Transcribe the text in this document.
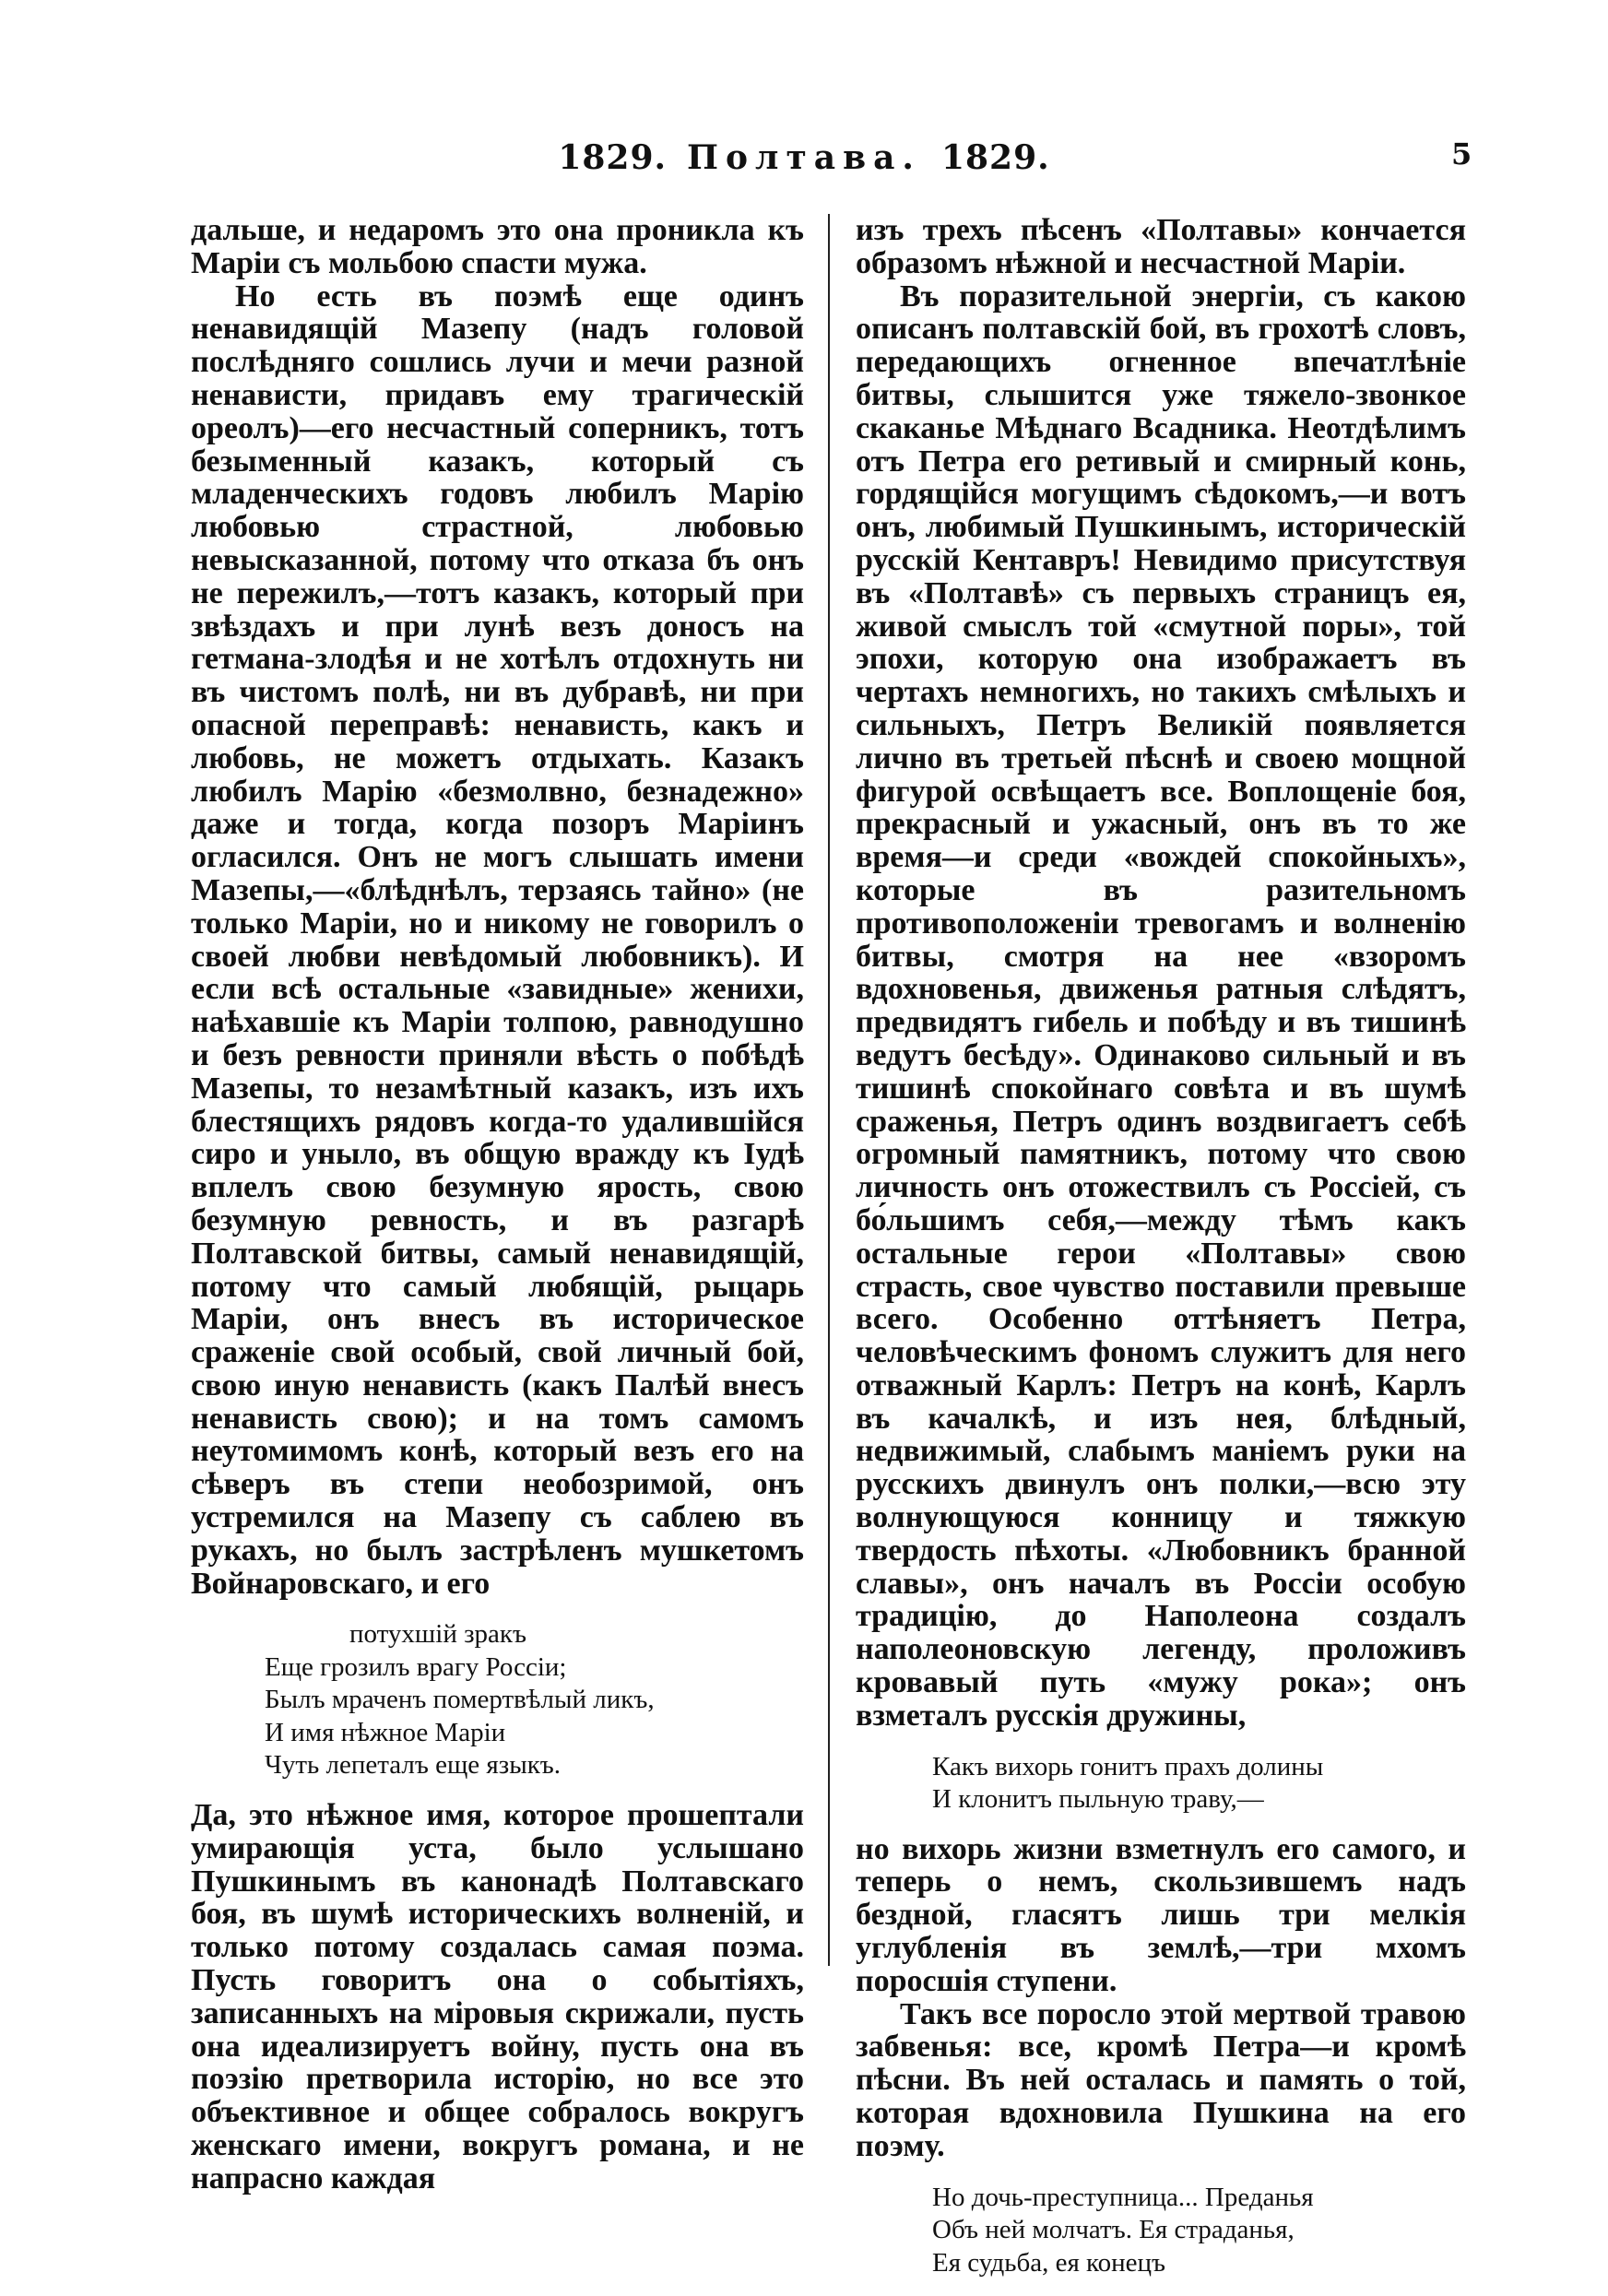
1829. Полтава. 1829.	5

дальше, и недаромъ это она проникла къ Маріи съ мольбою спасти мужа.

Но есть въ поэмѣ еще одинъ ненавидящій Мазепу (надъ головой послѣдняго сошлись лучи и мечи разной ненависти, придавъ ему трагическій ореолъ)—его несчастный соперникъ, тотъ безыменный казакъ, который съ младенческихъ годовъ любилъ Марію любовью страстной, любовью невысказанной, потому что отказа бъ онъ не пережилъ,—тотъ казакъ, который при звѣздахъ и при лунѣ везъ доносъ на гетмана-злодѣя и не хотѣлъ отдохнуть ни въ чистомъ полѣ, ни въ дубравѣ, ни при опасной переправѣ: ненависть, какъ и любовь, не можетъ отдыхать. Казакъ любилъ Марію «безмолвно, безнадежно» даже и тогда, когда позоръ Маріинъ огласился. Онъ не могъ слышать имени Мазепы,—«блѣднѣлъ, терзаясь тайно» (не только Маріи, но и никому не говорилъ о своей любви невѣдомый любовникъ). И если всѣ остальные «завидные» женихи, наѣхавшіе къ Маріи толпою, равнодушно и безъ ревности приняли вѣсть о побѣдѣ Мазепы, то незамѣтный казакъ, изъ ихъ блестящихъ рядовъ когда-то удалившійся сиро и уныло, въ общую вражду къ Іудѣ вплелъ свою безумную ярость, свою безумную ревность, и въ разгарѣ Полтавской битвы, самый ненавидящій, потому что самый любящій, рыцарь Маріи, онъ внесъ въ историческое сраженіе свой особый, свой личный бой, свою иную ненависть (какъ Палѣй внесъ ненависть свою); и на томъ самомъ неутомимомъ конѣ, который везъ его на сѣверъ въ степи необозримой, онъ устремился на Мазепу съ саблею въ рукахъ, но былъ застрѣленъ мушкетомъ Войнаровскаго, и его

потухшій зракъ
Еще грозилъ врагу Россіи;
Былъ мраченъ помертвѣлый ликъ,
И имя нѣжное Маріи
Чуть лепеталъ еще языкъ.

Да, это нѣжное имя, которое прошептали умирающія уста, было услышано Пушкинымъ въ канонадѣ Полтавскаго боя, въ шумѣ историческихъ волненій, и только потому создалась самая поэма. Пусть говоритъ она о событіяхъ, записанныхъ на міровыя скрижали, пусть она идеализируетъ войну, пусть она въ поэзію претворила исторію, но все это объективное и общее собралось вокругъ женскаго имени, вокругъ романа, и не напрасно каждая

изъ трехъ пѣсенъ «Полтавы» кончается образомъ нѣжной и несчастной Маріи.

Въ поразительной энергіи, съ какою описанъ полтавскій бой, въ грохотѣ словъ, передающихъ огненное впечатлѣніе битвы, слышится уже тяжело-звонкое скаканье Мѣднаго Всадника. Неотдѣлимъ отъ Петра его ретивый и смирный конь, гордящійся могущимъ сѣдокомъ,—и вотъ онъ, любимый Пушкинымъ, историческій русскій Кентавръ! Невидимо присутствуя въ «Полтавѣ» съ первыхъ страницъ ея, живой смыслъ той «смутной поры», той эпохи, которую она изображаетъ въ чертахъ немногихъ, но такихъ смѣлыхъ и сильныхъ, Петръ Великій появляется лично въ третьей пѣснѣ и своею мощной фигурой освѣщаетъ все. Воплощеніе боя, прекрасный и ужасный, онъ въ то же время—и среди «вождей спокойныхъ», которые въ разительномъ противоположеніи тревогамъ и волненію битвы, смотря на нее «взоромъ вдохновенья, движенья ратныя слѣдятъ, предвидятъ гибель и побѣду и въ тишинѣ ведутъ бесѣду». Одинаково сильный и въ тишинѣ спокойнаго совѣта и въ шумѣ сраженья, Петръ одинъ воздвигаетъ себѣ огромный памятникъ, потому что свою личность онъ отожествилъ съ Россіей, съ бо́льшимъ себя,—между тѣмъ какъ остальные герои «Полтавы» свою страсть, свое чувство поставили превыше всего. Особенно оттѣняетъ Петра, человѣческимъ фономъ служитъ для него отважный Карлъ: Петръ на конѣ, Карлъ въ качалкѣ, и изъ нея, блѣдный, недвижимый, слабымъ маніемъ руки на русскихъ двинулъ онъ полки,—всю эту волнующуюся конницу и тяжкую твердость пѣхоты. «Любовникъ бранной славы», онъ началъ въ Россіи особую традицію, до Наполеона создалъ наполеоновскую легенду, проложивъ кровавый путь «мужу рока»; онъ взметалъ русскія дружины,

Какъ вихорь гонитъ прахъ долины
И клонитъ пыльную траву,—

но вихорь жизни взметнулъ его самого, и теперь о немъ, скользившемъ надъ бездной, гласятъ лишь три мелкія углубленія въ землѣ,—три мхомъ поросшія ступени.

Такъ все поросло этой мертвой травою забвенья: все, кромѣ Петра—и кромѣ пѣсни. Въ ней осталась и память о той, которая вдохновила Пушкина на его поэму.

Но дочь-преступница... Преданья
Объ ней молчатъ. Ея страданья,
Ея судьба, ея конецъ
